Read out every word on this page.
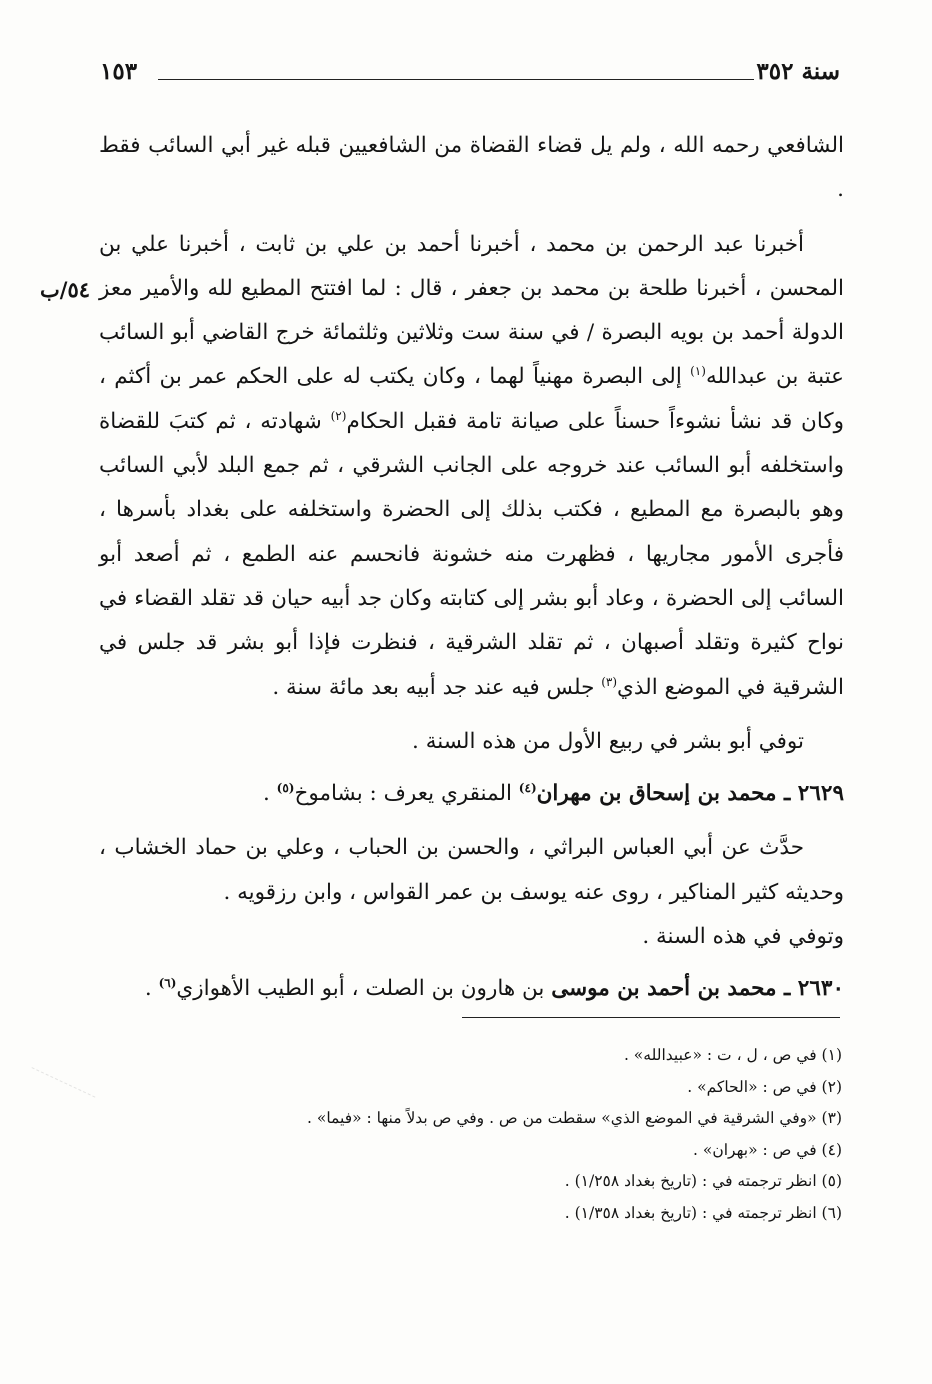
سنة ٣٥٢
١٥٣
٥٤/ب

الشافعي رحمه الله ، ولم يل قضاء القضاة من الشافعيين قبله غير أبي السائب فقط .

أخبرنا عبد الرحمن بن محمد ، أخبرنا أحمد بن علي بن ثابت ، أخبرنا علي بن المحسن ، أخبرنا طلحة بن محمد بن جعفر ، قال : لما افتتح المطيع لله والأمير معز الدولة أحمد بن بويه البصرة / في سنة ست وثلاثين وثلثمائة خرج القاضي أبو السائب عتبة بن عبدالله$^{(١)}$ إلى البصرة مهنياً لهما ، وكان يكتب له على الحكم عمر بن أكثم ، وكان قد نشأ نشوءاً حسناً على صيانة تامة فقبل الحكام$^{(٢)}$ شهادته ، ثم كتبَ للقضاة واستخلفه أبو السائب عند خروجه على الجانب الشرقي ، ثم جمع البلد لأبي السائب وهو بالبصرة مع المطيع ، فكتب بذلك إلى الحضرة واستخلفه على بغداد بأسرها ، فأجرى الأمور مجاريها ، فظهرت منه خشونة فانحسم عنه الطمع ، ثم أصعد أبو السائب إلى الحضرة ، وعاد أبو بشر إلى كتابته وكان جد أبيه حيان قد تقلد القضاء في نواح كثيرة وتقلد أصبهان ، ثم تقلد الشرقية ، فنظرت فإذا أبو بشر قد جلس في الشرقية في الموضع الذي$^{(٣)}$ جلس فيه عند جد أبيه بعد مائة سنة .

توفي أبو بشر في ربيع الأول من هذه السنة .

٢٦٢٩ ـ محمد بن إسحاق بن مهران$^{(٤)}$ المنقري يعرف : بشاموخ$^{(٥)}$ .

حدَّث عن أبي العباس البراثي ، والحسن بن الحباب ، وعلي بن حماد الخشاب ، وحديثه كثير المناكير ، روى عنه يوسف بن عمر القواس ، وابن رزقويه .

وتوفي في هذه السنة .

٢٦٣٠ ـ محمد بن أحمد بن موسى بن هارون بن الصلت ، أبو الطيب الأهوازي$^{(٦)}$ .

(١) في ص ، ل ، ت : «عبيدالله» .

(٢) في ص : «الحاكم» .

(٣) «وفي الشرقية في الموضع الذي» سقطت من ص . وفي ص بدلاً منها : «فيما» .

(٤) في ص : «بهران» .

(٥) انظر ترجمته في : (تاريخ بغداد ١/٢٥٨) .

(٦) انظر ترجمته في : (تاريخ بغداد ١/٣٥٨) .
